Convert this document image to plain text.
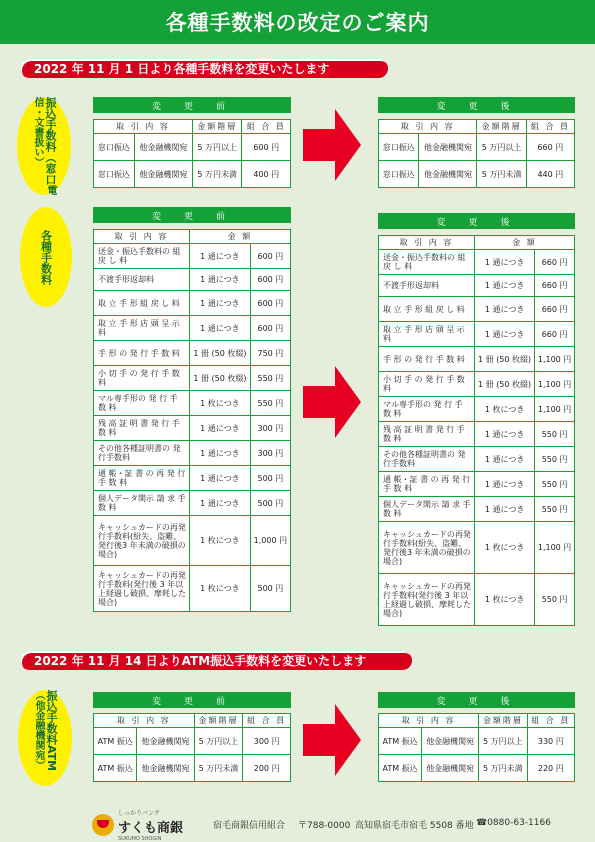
各種手数料の改定のご案内
2022 年 11 月 1 日より各種手数料を変更いたします
振込手数料（窓口電信・文書扱い）	変　更　前
取 引 内 容		金額階層	組 合 員
窓口振込	他金融機関宛	5 万円以上	600 円
窓口振込	他金融機関宛	5 万円未満	400 円
変　更　後
取 引 内 容		金額階層	組 合 員
窓口振込	他金融機関宛	5 万円以上	660 円
窓口振込	他金融機関宛	5 万円未満	440 円
各種手数料
変　更　前
取 引 内 容	金 額	
送金・振込手数料の 組 戻 し 料	1 通につき	600 円
不渡手形返却料	1 通につき	600 円
取 立 手 形 組 戻 し 料	1 通につき	600 円
取 立 手 形 店 頭 呈 示 料	1 通につき	600 円
手 形 の 発 行 手 数 料	1 冊 (50 枚綴)	750 円
小 切 手 の 発 行 手 数 料	1 冊 (50 枚綴)	550 円
マル専手形の 発 行 手 数 料	1 枚につき	550 円
残 高 証 明 書 発 行 手 数 料	1 通につき	300 円
その他各種証明書の 発行手数料	1 通につき	300 円
通 帳・証 書 の 再 発 行 手 数 料	1 通につき	500 円
個人データ開示 請 求 手 数 料	1 通につき	500 円
キャッシュカードの再発行手数料(紛失、盗難、発行後3 年未満の破損の場合)	1 枚につき	1,000 円
キャッシュカードの再発行手数料(発行後 3 年以上経過し破損、摩耗した場合)	1 枚につき	500 円
変　更　後
取 引 内 容	金 額	
送金・振込手数料の 組 戻 し 料	1 通につき	660 円
不渡手形返却料	1 通につき	660 円
取 立 手 形 組 戻 し 料	1 通につき	660 円
取 立 手 形 店 頭 呈 示 料	1 通につき	660 円
手 形 の 発 行 手 数 料	1 冊 (50 枚綴)	1,100 円
小 切 手 の 発 行 手 数 料	1 冊 (50 枚綴)	1,100 円
マル専手形の 発 行 手 数 料	1 枚につき	1,100 円
残 高 証 明 書 発 行 手 数 料	1 通につき	550 円
その他各種証明書の 発行手数料	1 通につき	550 円
通 帳・証 書 の 再 発 行 手 数 料	1 通につき	550 円
個人データ開示 請 求 手 数 料	1 通につき	550 円
キャッシュカードの再発行手数料(紛失、盗難、発行後3 年未満の破損の場合)	1 枚につき	1,100 円
キャッシュカードの再発行手数料(発行後 3 年以上経過し破損、摩耗した場合)	1 枚につき	550 円
2022 年 11 月 14 日よりATM振込手数料を変更いたします
振込手数料ATM（他金融機関宛）	変　更　前
取 引 内 容		金額階層	組 合 員
ATM 振込	他金融機関宛	5 万円以上	300 円
ATM 振込	他金融機関宛	5 万円未満	200 円
変　更　後
取 引 内 容		金額階層	組 合 員
ATM 振込	他金融機関宛	5 万円以上	330 円
ATM 振込	他金融機関宛	5 万円未満	220 円
しっかりバンク
すくも商銀
SUKUMO SHOGIN
宿毛商銀信用組合 〒788-0000 高知県宿毛市宿毛 5508 番地 ☎0880-63-1166
